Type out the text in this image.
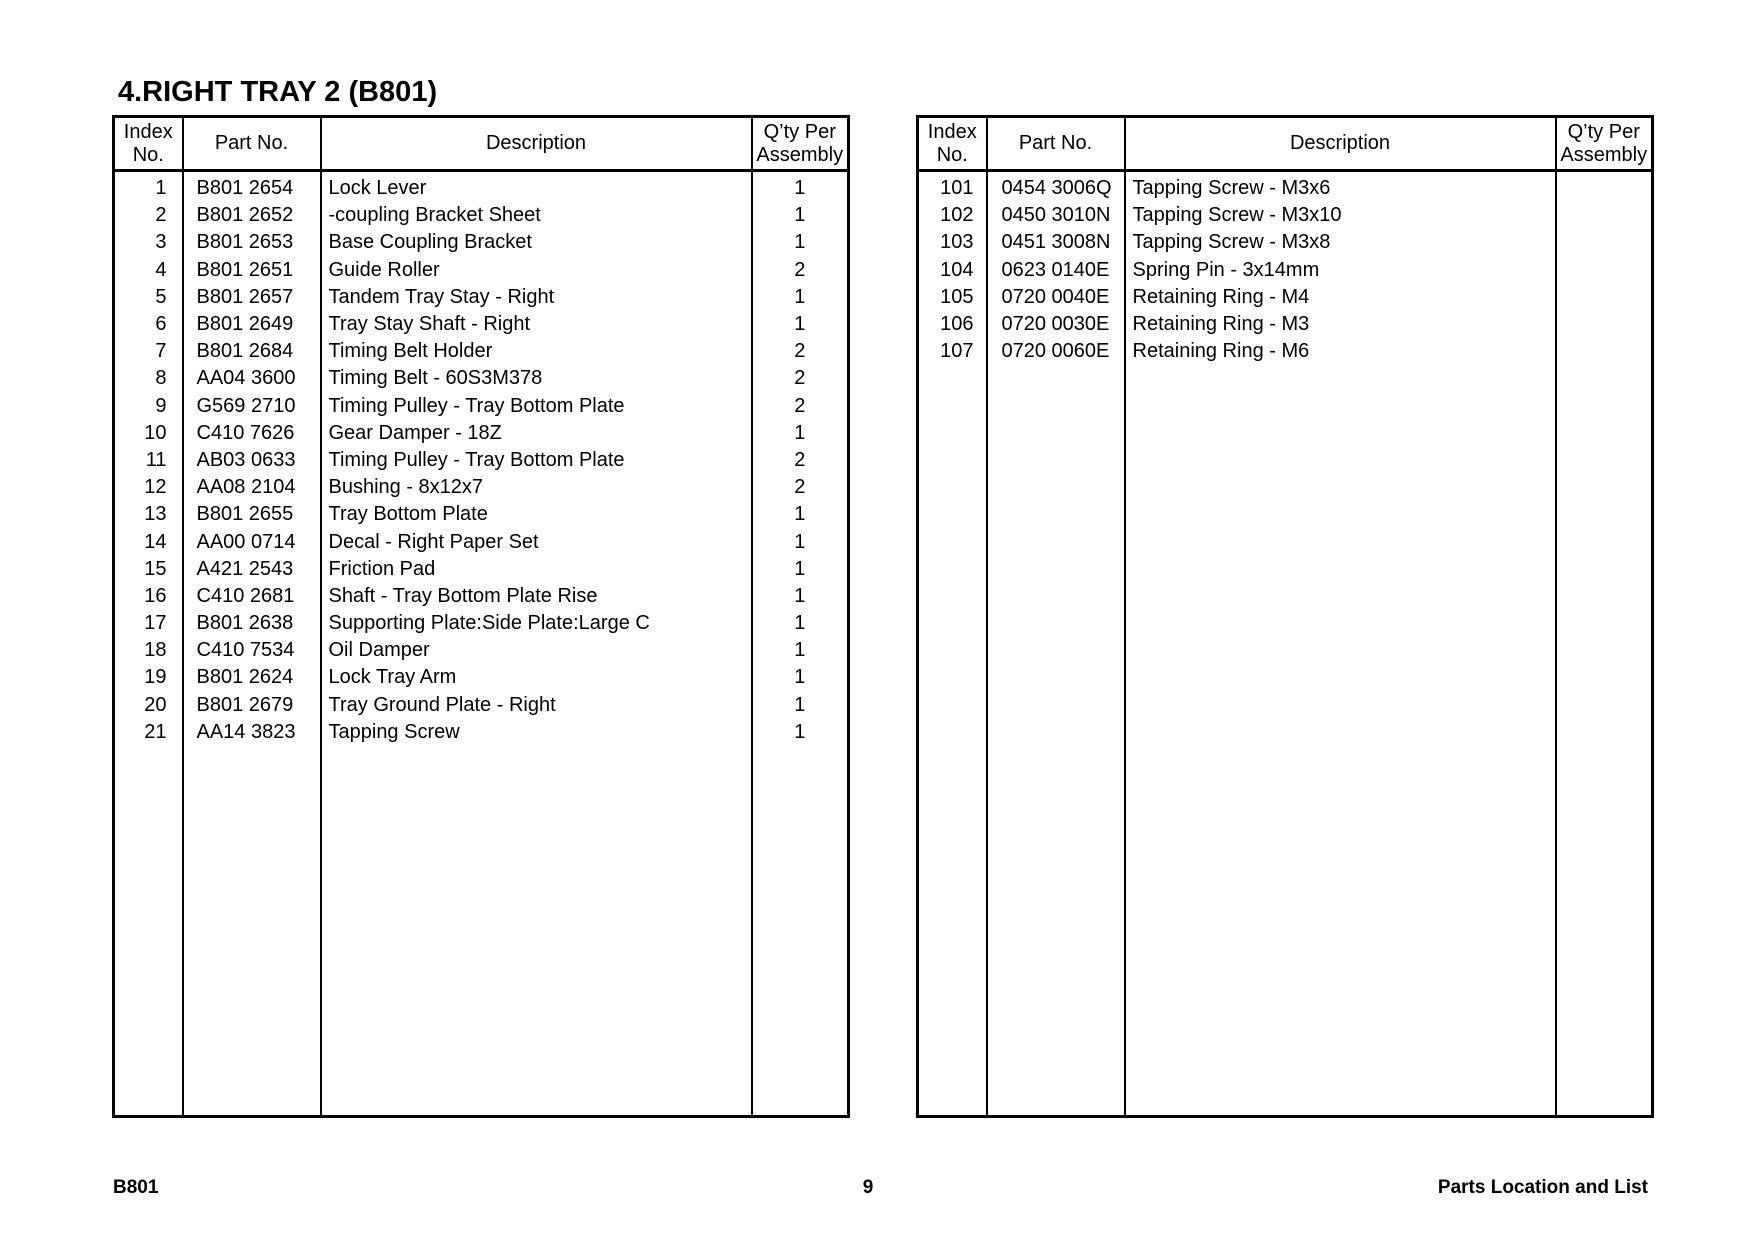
4.RIGHT TRAY 2 (B801)
Index
No.	Part No.	Description	Q’ty Per
Assembly
1	B801 2654	Lock Lever	1
2	B801 2652	-coupling Bracket Sheet	1
3	B801 2653	Base Coupling Bracket	1
4	B801 2651	Guide Roller	2
5	B801 2657	Tandem Tray Stay - Right	1
6	B801 2649	Tray Stay Shaft - Right	1
7	B801 2684	Timing Belt Holder	2
8	AA04 3600	Timing Belt - 60S3M378	2
9	G569 2710	Timing Pulley - Tray Bottom Plate	2
10	C410 7626	Gear Damper - 18Z	1
11	AB03 0633	Timing Pulley - Tray Bottom Plate	2
12	AA08 2104	Bushing - 8x12x7	2
13	B801 2655	Tray Bottom Plate	1
14	AA00 0714	Decal - Right Paper Set	1
15	A421 2543	Friction Pad	1
16	C410 2681	Shaft - Tray Bottom Plate Rise	1
17	B801 2638	Supporting Plate:Side Plate:Large C	1
18	C410 7534	Oil Damper	1
19	B801 2624	Lock Tray Arm	1
20	B801 2679	Tray Ground Plate - Right	1
21	AA14 3823	Tapping Screw	1

Index
No.	Part No.	Description	Q’ty Per
Assembly
101	0454 3006Q	Tapping Screw - M3x6	
102	0450 3010N	Tapping Screw - M3x10	
103	0451 3008N	Tapping Screw - M3x8	
104	0623 0140E	Spring Pin - 3x14mm	
105	0720 0040E	Retaining Ring - M4	
106	0720 0030E	Retaining Ring - M3	
107	0720 0060E	Retaining Ring - M6	

B801	9	Parts Location and List
